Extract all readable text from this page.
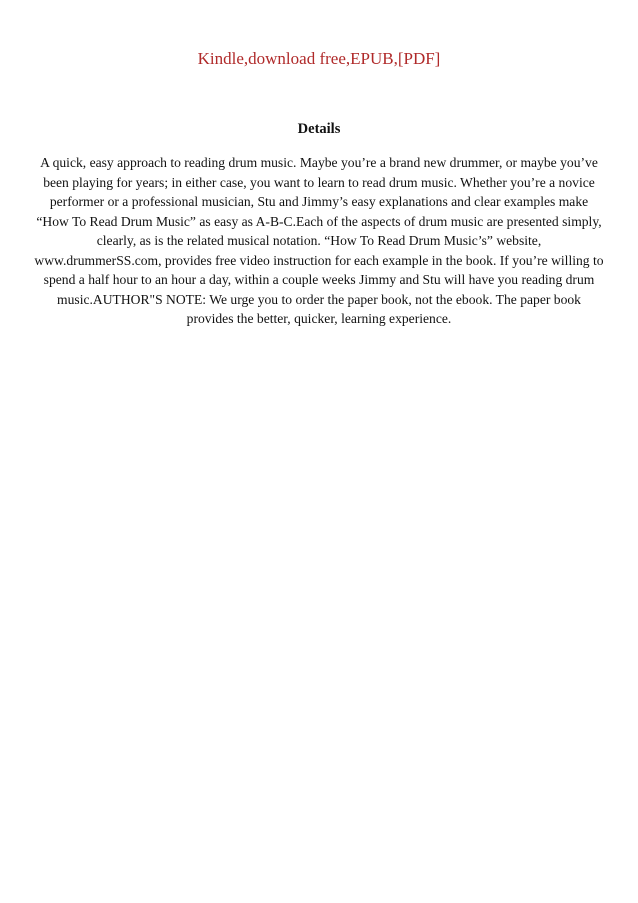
Kindle,download free,EPUB,[PDF]
Details
A quick, easy approach to reading drum music. Maybe you’re a brand new drummer, or maybe you’ve been playing for years; in either case, you want to learn to read drum music. Whether you’re a novice performer or a professional musician, Stu and Jimmy’s easy explanations and clear examples make “How To Read Drum Music” as easy as A-B-C.Each of the aspects of drum music are presented simply, clearly, as is the related musical notation. “How To Read Drum Music’s” website, www.drummerSS.com, provides free video instruction for each example in the book. If you’re willing to spend a half hour to an hour a day, within a couple weeks Jimmy and Stu will have you reading drum music.AUTHOR"S NOTE: We urge you to order the paper book, not the ebook. The paper book provides the better, quicker, learning experience.
